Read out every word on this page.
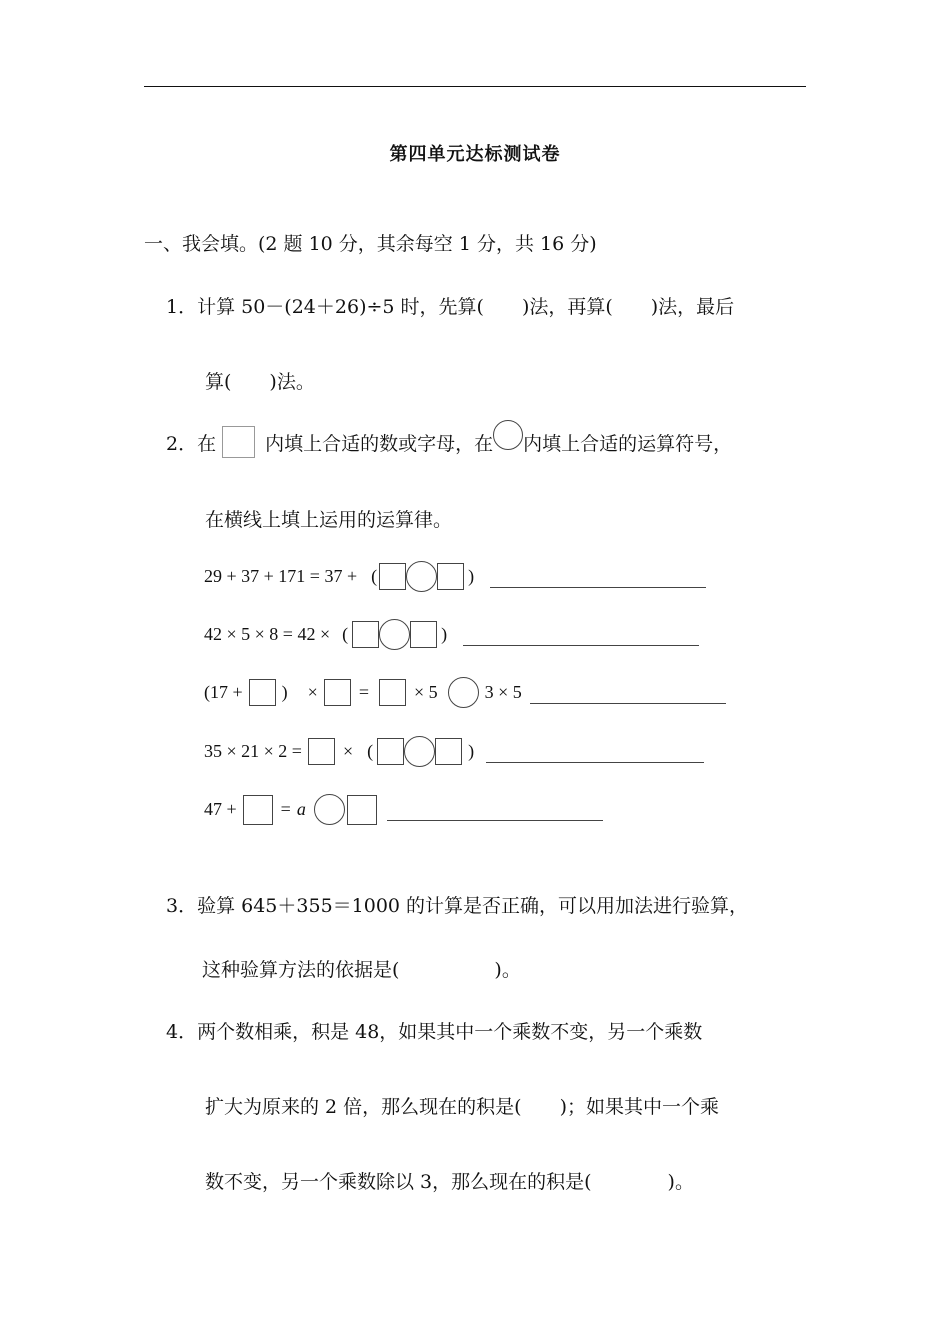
第四单元达标测试卷
一、我会填。(2 题 10 分，其余每空 1 分，共 16 分)
1．计算 50－(24＋26)÷5 时，先算(　　)法，再算(　　)法，最后
算(　　)法。
2．在	内填上合适的数或字母，在 内填上合适的运算符号，
在横线上填上运用的运算律。
29 + 37 + 171 = 37 + (	)
42 × 5 × 8 = 42 × (	)
(17 + ) × =	× 5	3 × 5
35 × 21 × 2 = × (	)
47 + = a
3．验算 645＋355＝1000 的计算是否正确，可以用加法进行验算，
这种验算方法的依据是(　　　　　)。
4．两个数相乘，积是 48，如果其中一个乘数不变，另一个乘数
扩大为原来的 2 倍，那么现在的积是(　　)；如果其中一个乘
数不变，另一个乘数除以 3，那么现在的积是(　　　　)。
